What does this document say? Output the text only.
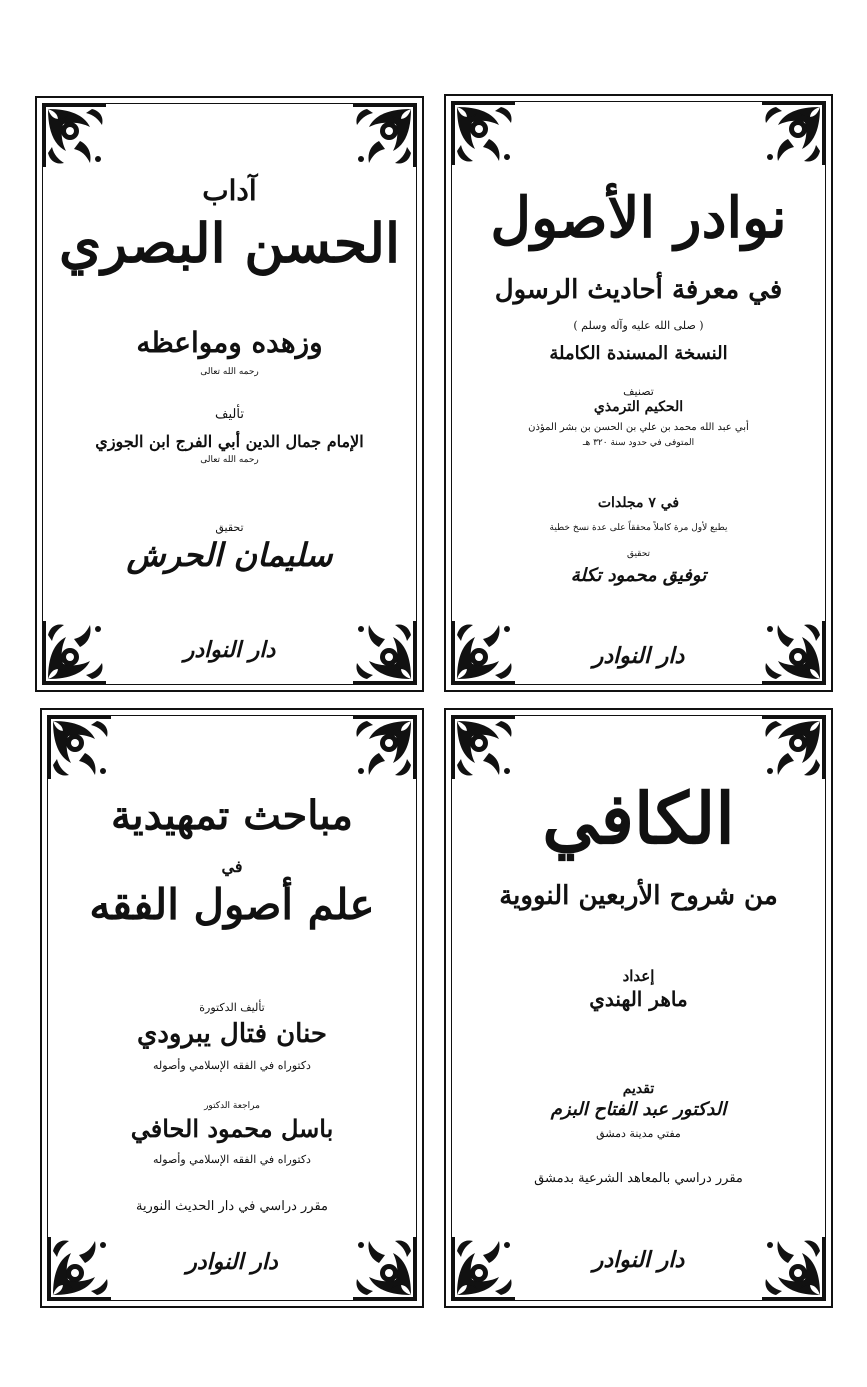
نوادر الأصول

في معرفة أحاديث الرسول

( صلى الله عليه وآله وسلم )

النسخة المسندة الكاملة

تصنيف

الحكيم الترمذي

أبي عبد الله محمد بن علي بن الحسن بن بشر المؤذن

المتوفى في حدود سنة ٣٢٠ هـ

في ٧ مجلدات

يطبع لأول مرة كاملاً محققاً على عدة نسخ خطية

تحقيق

توفيق محمود تكلة

دار النوادر

آداب

الحسن البصري

وزهده ومواعظه

رحمه الله تعالى

تأليف

الإمام جمال الدين أبي الفرج ابن الجوزي

رحمه الله تعالى

تحقيق

سليمان الحرش

دار النوادر

الكافي

من شروح الأربعين النووية

إعداد

ماهر الهندي

تقديم

الدكتور عبد الفتاح البزم

مفتي مدينة دمشق

مقرر دراسي بالمعاهد الشرعية بدمشق

دار النوادر

مباحث تمهيدية

في

علم أصول الفقه

تأليف الدكتورة

حنان فتال يبرودي

دكتوراه في الفقه الإسلامي وأصوله

مراجعة الدكتور

باسل محمود الحافي

دكتوراه في الفقه الإسلامي وأصوله

مقرر دراسي في دار الحديث النورية

دار النوادر
